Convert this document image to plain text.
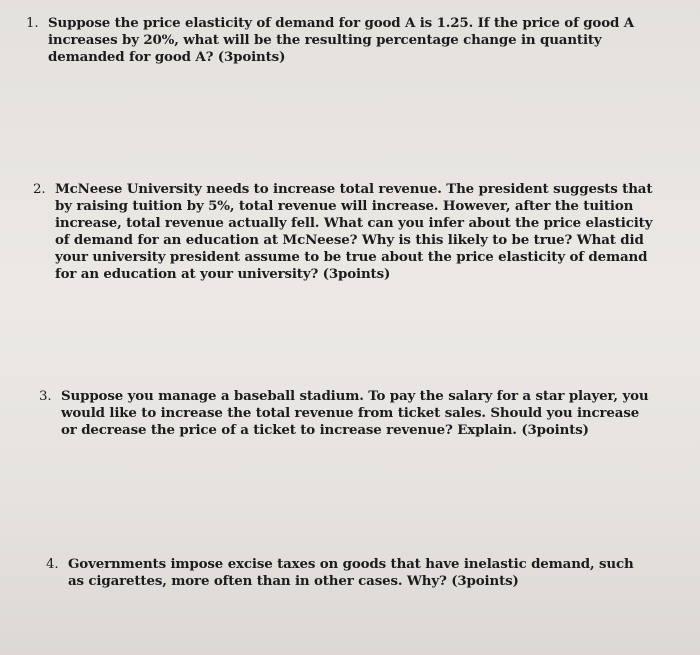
1. Suppose the price elasticity of demand for good A is 1.25. If the price of good A increases by 20%, what will be the resulting percentage change in quantity demanded for good A? (3points)
2. McNeese University needs to increase total revenue. The president suggests that by raising tuition by 5%, total revenue will increase. However, after the tuition increase, total revenue actually fell. What can you infer about the price elasticity of demand for an education at McNeese? Why is this likely to be true? What did your university president assume to be true about the price elasticity of demand for an education at your university? (3points)
3. Suppose you manage a baseball stadium. To pay the salary for a star player, you would like to increase the total revenue from ticket sales. Should you increase or decrease the price of a ticket to increase revenue? Explain. (3points)
4. Governments impose excise taxes on goods that have inelastic demand, such as cigarettes, more often than in other cases. Why? (3points)
